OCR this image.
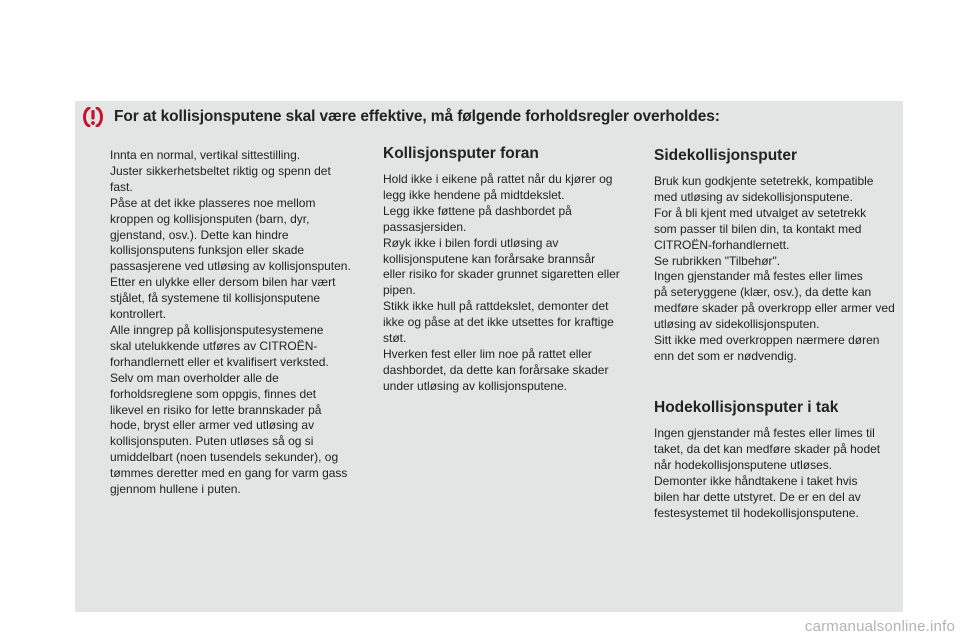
For at kollisjonsputene skal være effektive, må følgende forholdsregler overholdes:

Innta en normal, vertikal sittestilling.

Juster sikkerhetsbeltet riktig og spenn det

fast.

Påse at det ikke plasseres noe mellom

kroppen og kollisjonsputen (barn, dyr,

gjenstand, osv.). Dette kan hindre

kollisjonsputens funksjon eller skade

passasjerene ved utløsing av kollisjonsputen.

Etter en ulykke eller dersom bilen har vært

stjålet, få systemene til kollisjonsputene

kontrollert.

Alle inngrep på kollisjonsputesystemene

skal utelukkende utføres av CITROËN-

forhandlernett eller et kvalifisert verksted.

Selv om man overholder alle de

forholdsreglene som oppgis, finnes det

likevel en risiko for lette brannskader på

hode, bryst eller armer ved utløsing av

kollisjonsputen. Puten utløses så og si

umiddelbart (noen tusendels sekunder), og

tømmes deretter med en gang for varm gass

gjennom hullene i puten.

Kollisjonsputer foran

Hold ikke i eikene på rattet når du kjører og

legg ikke hendene på midtdekslet.

Legg ikke føttene på dashbordet på

passasjersiden.

Røyk ikke i bilen fordi utløsing av

kollisjonsputene kan forårsake brannsår

eller risiko for skader grunnet sigaretten eller

pipen.

Stikk ikke hull på rattdekslet, demonter det

ikke og påse at det ikke utsettes for kraftige

støt.

Hverken fest eller lim noe på rattet eller

dashbordet, da dette kan forårsake skader

under utløsing av kollisjonsputene.

Sidekollisjonsputer

Bruk kun godkjente setetrekk, kompatible

med utløsing av sidekollisjonsputene.

For å bli kjent med utvalget av setetrekk

som passer til bilen din, ta kontakt med

CITROËN-forhandlernett.

Se rubrikken "Tilbehør".

Ingen gjenstander må festes eller limes

på seteryggene (klær, osv.), da dette kan

medføre skader på overkropp eller armer ved

utløsing av sidekollisjonsputen.

Sitt ikke med overkroppen nærmere døren

enn det som er nødvendig.

Hodekollisjonsputer i tak

Ingen gjenstander må festes eller limes til

taket, da det kan medføre skader på hodet

når hodekollisjonsputene utløses.

Demonter ikke håndtakene i taket hvis

bilen har dette utstyret. De er en del av

festesystemet til hodekollisjonsputene.

carmanualsonline.info
